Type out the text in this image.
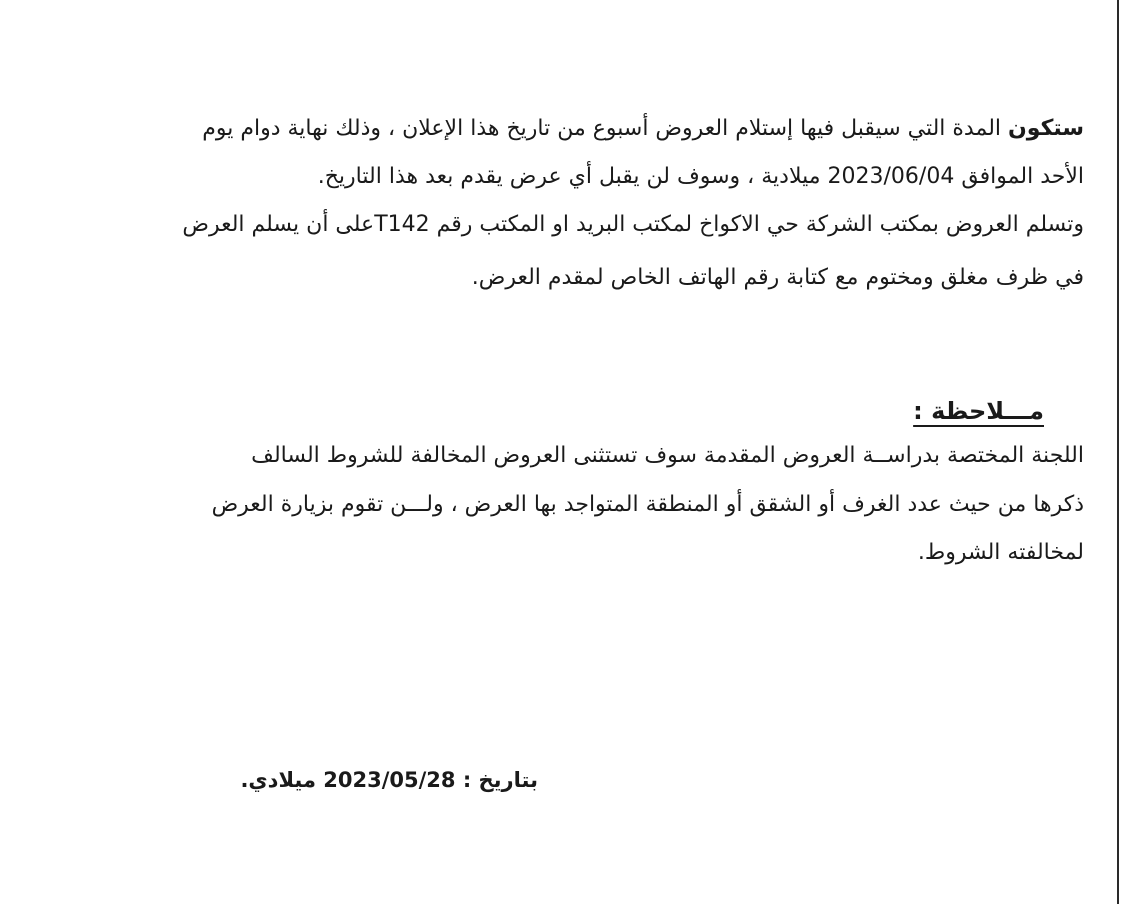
ستكون المدة التي سيقبل فيها إستلام العروض أسبوع من تاريخ هذا الإعلان ، وذلك نهاية دوام يوم
الأحد الموافق 2023/06/04 ميلادية ، وسوف لن يقبل أي عرض يقدم بعد هذا التاريخ.
وتسلم العروض بمكتب الشركة حي الاكواخ لمكتب البريد او المكتب رقم T142على أن يسلم العرض
في ظرف مغلق ومختوم مع كتابة رقم الهاتف الخاص لمقدم العرض.
مـــلاحظة :
اللجنة المختصة بدراســة العروض المقدمة سوف تستثنى العروض المخالفة للشروط السالف
ذكرها من حيث عدد الغرف أو الشقق أو المنطقة المتواجد بها العرض ، ولـــن تقوم بزيارة العرض
لمخالفته الشروط.
بتاريخ : 2023/05/28 ميلادي.
